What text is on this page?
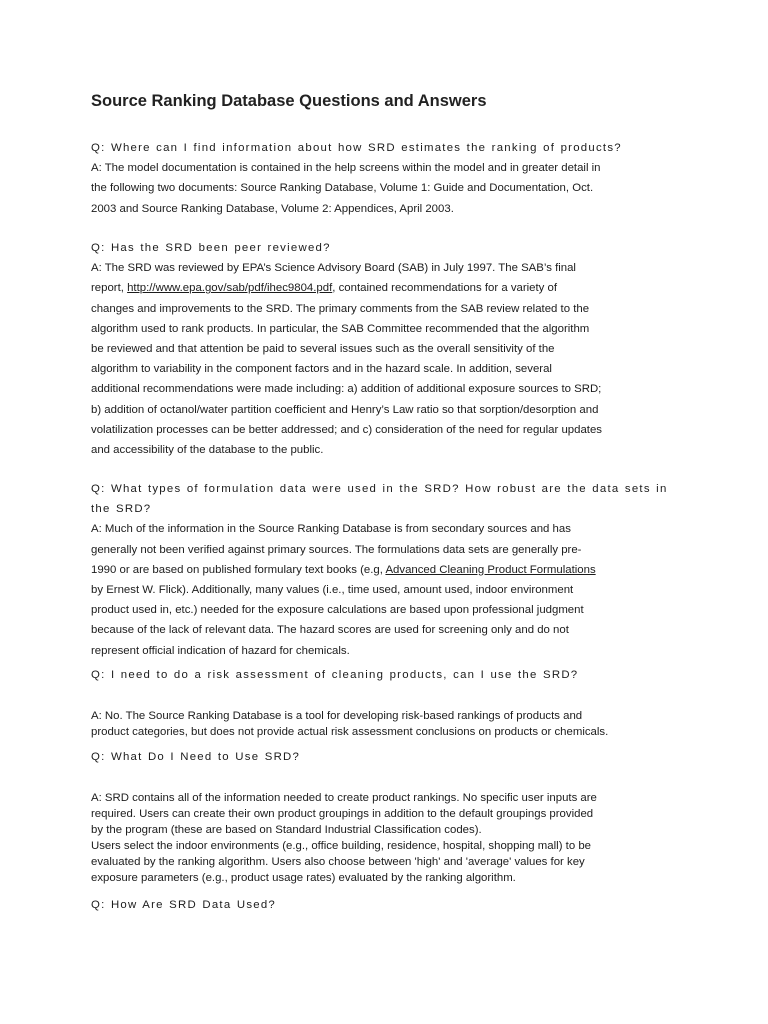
Source Ranking Database Questions and Answers

Q: Where can I find information about how SRD estimates the ranking of products?

A: The model documentation is contained in the help screens within the model and in greater detail in

the following two documents: Source Ranking Database, Volume 1: Guide and Documentation, Oct.

2003 and Source Ranking Database, Volume 2: Appendices, April 2003.

Q: Has the SRD been peer reviewed?

A: The SRD was reviewed by EPA’s Science Advisory Board (SAB) in July 1997. The SAB’s final

report, http://www.epa.gov/sab/pdf/ihec9804.pdf, contained recommendations for a variety of

changes and improvements to the SRD. The primary comments from the SAB review related to the

algorithm used to rank products. In particular, the SAB Committee recommended that the algorithm

be reviewed and that attention be paid to several issues such as the overall sensitivity of the

algorithm to variability in the component factors and in the hazard scale. In addition, several

additional recommendations were made including: a) addition of additional exposure sources to SRD;

b) addition of octanol/water partition coefficient and Henry’s Law ratio so that sorption/desorption and

volatilization processes can be better addressed; and c) consideration of the need for regular updates

and accessibility of the database to the public.

Q: What types of formulation data were used in the SRD? How robust are the data sets in

the SRD?

A: Much of the information in the Source Ranking Database is from secondary sources and has

generally not been verified against primary sources. The formulations data sets are generally pre-

1990 or are based on published formulary text books (e.g, Advanced Cleaning Product Formulations

by Ernest W. Flick). Additionally, many values (i.e., time used, amount used, indoor environment

product used in, etc.) needed for the exposure calculations are based upon professional judgment

because of the lack of relevant data. The hazard scores are used for screening only and do not

represent official indication of hazard for chemicals.

Q: I need to do a risk assessment of cleaning products, can I use the SRD?

A: No. The Source Ranking Database is a tool for developing risk-based rankings of products and

product categories, but does not provide actual risk assessment conclusions on products or chemicals.

Q: What Do I Need to Use SRD?

A: SRD contains all of the information needed to create product rankings. No specific user inputs are

required. Users can create their own product groupings in addition to the default groupings provided

by the program (these are based on Standard Industrial Classification codes).

Users select the indoor environments (e.g., office building, residence, hospital, shopping mall) to be

evaluated by the ranking algorithm. Users also choose between 'high' and 'average' values for key

exposure parameters (e.g., product usage rates) evaluated by the ranking algorithm.

Q: How Are SRD Data Used?
